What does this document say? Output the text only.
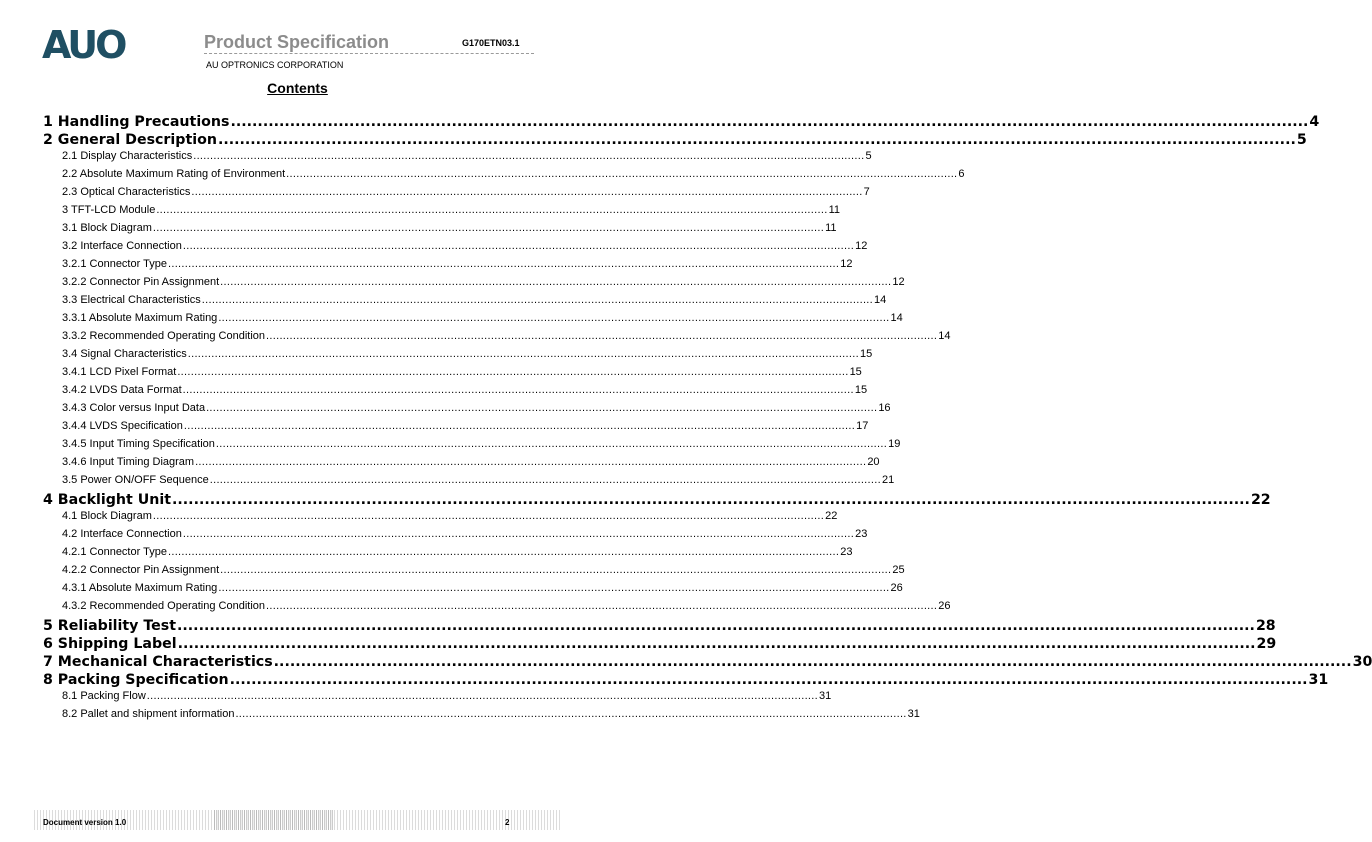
AUO	Product Specification	G170ETN03.1
AU OPTRONICS CORPORATION
Contents
1 Handling Precautions ........................................................................................................................................................................................................ 4
2 General Description ........................................................................................................................................................................................................ 5
2.1 Display Characteristics ........................................................................................................................................................................................................ 5
2.2 Absolute Maximum Rating of Environment ........................................................................................................................................................................................................ 6
2.3 Optical Characteristics ........................................................................................................................................................................................................ 7
3 TFT-LCD Module ........................................................................................................................................................................................................ 11
3.1 Block Diagram ........................................................................................................................................................................................................ 11
3.2 Interface Connection ........................................................................................................................................................................................................ 12
3.2.1 Connector Type ........................................................................................................................................................................................................ 12
3.2.2 Connector Pin Assignment ........................................................................................................................................................................................................ 12
3.3 Electrical Characteristics ........................................................................................................................................................................................................ 14
3.3.1 Absolute Maximum Rating ........................................................................................................................................................................................................ 14
3.3.2 Recommended Operating Condition ........................................................................................................................................................................................................ 14
3.4 Signal Characteristics ........................................................................................................................................................................................................ 15
3.4.1 LCD Pixel Format ........................................................................................................................................................................................................ 15
3.4.2 LVDS Data Format ........................................................................................................................................................................................................ 15
3.4.3 Color versus Input Data ........................................................................................................................................................................................................ 16
3.4.4 LVDS Specification ........................................................................................................................................................................................................ 17
3.4.5 Input Timing Specification ........................................................................................................................................................................................................ 19
3.4.6 Input Timing Diagram ........................................................................................................................................................................................................ 20
3.5 Power ON/OFF Sequence ........................................................................................................................................................................................................ 21
4 Backlight Unit ........................................................................................................................................................................................................ 22
4.1 Block Diagram ........................................................................................................................................................................................................ 22
4.2 Interface Connection ........................................................................................................................................................................................................ 23
4.2.1 Connector Type ........................................................................................................................................................................................................ 23
4.2.2 Connector Pin Assignment ........................................................................................................................................................................................................ 25
4.3.1 Absolute Maximum Rating ........................................................................................................................................................................................................ 26
4.3.2 Recommended Operating Condition ........................................................................................................................................................................................................ 26
5 Reliability Test ........................................................................................................................................................................................................ 28
6 Shipping Label ........................................................................................................................................................................................................ 29
7 Mechanical Characteristics ........................................................................................................................................................................................................ 30
8 Packing Specification ........................................................................................................................................................................................................ 31
8.1 Packing Flow ........................................................................................................................................................................................................ 31
8.2 Pallet and shipment information ........................................................................................................................................................................................................ 31
Document version 1.0	2
